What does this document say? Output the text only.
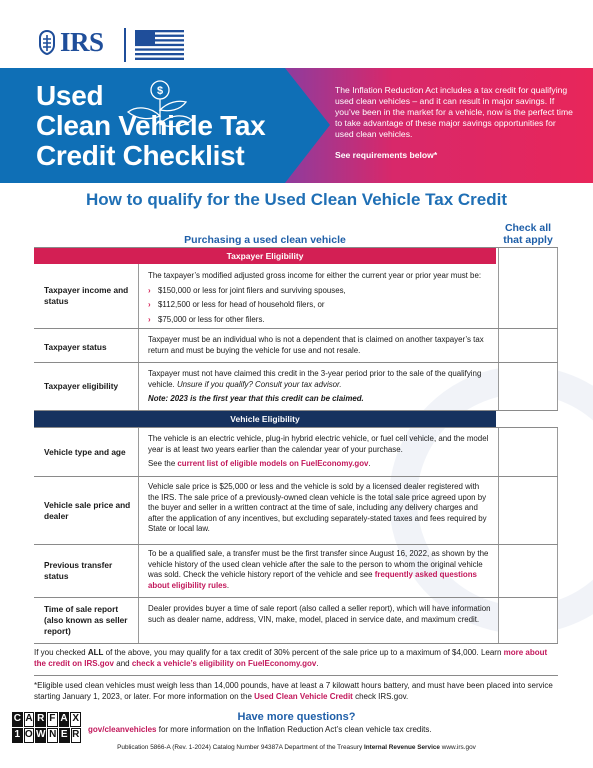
IRS
Used
Clean Vehicle Tax
Credit Checklist
$	The Inflation Reduction Act includes a tax credit for qualifying used clean vehicles – and it can result in major savings. If you’ve been in the market for a vehicle, now is the perfect time to take advantage of these major savings opportunities for used clean vehicles.
See requirements below*
How to qualify for the Used Clean Vehicle Tax Credit
Purchasing a used clean vehicle
Check all
that apply
Taxpayer Eligibility
Taxpayer income and status

The taxpayer’s modified adjusted gross income for either the current year or prior year must be:

› $150,000 or less for joint filers and surviving spouses,
› $112,500 or less for head of household filers, or
› $75,000 or less for other filers.
Taxpayer status
Taxpayer must be an individual who is not a dependent that is claimed on another taxpayer’s tax return and must be buying the vehicle for use and not resale.
Taxpayer eligibility

Taxpayer must not have claimed this credit in the 3-year period prior to the sale of the qualifying vehicle. Unsure if you qualify? Consult your tax advisor.

Note: 2023 is the first year that this credit can be claimed.

Vehicle Eligibility
Vehicle type and age

The vehicle is an electric vehicle, plug-in hybrid electric vehicle, or fuel cell vehicle, and the model year is at least two years earlier than the calendar year of your purchase.

See the current list of eligible models on FuelEconomy.gov.

Vehicle sale price and dealer
Vehicle sale price is $25,000 or less and the vehicle is sold by a licensed dealer registered with the IRS. The sale price of a previously-owned clean vehicle is the total sale price agreed upon by the buyer and seller in a written contract at the time of sale, including any delivery charges and after the application of any incentives, but excluding separately-stated taxes and fees required by State or local law.
Previous transfer status
To be a qualified sale, a transfer must be the first transfer since August 16, 2022, as shown by the vehicle history of the used clean vehicle after the sale to the person to whom the original vehicle was sold. Check the vehicle history report of the vehicle and see frequently asked questions about eligibility rules.
Time of sale report (also known as seller report)
Dealer provides buyer a time of sale report (also called a seller report), which will have information such as dealer name, address, VIN, make, model, placed in service date, and maximum credit.
If you checked ALL of the above, you may qualify for a tax credit of 30% percent of the sale price up to a maximum of $4,000. Learn more about the credit on IRS.gov and check a vehicle’s eligibility on FuelEconomy.gov.
*Eligible used clean vehicles must weigh less than 14,000 pounds, have at least a 7 kilowatt hours battery, and must have been placed into service starting January 1, 2023, or later. For more information on the Used Clean Vehicle Credit check IRS.gov.
Have more questions?
gov/cleanvehicles for more information on the Inflation Reduction Act’s clean vehicle tax credits.
C A R F A X
1 O W N E R
Publication 5866-A (Rev. 1-2024) Catalog Number 94387A Department of the Treasury Internal Revenue Service www.irs.gov
